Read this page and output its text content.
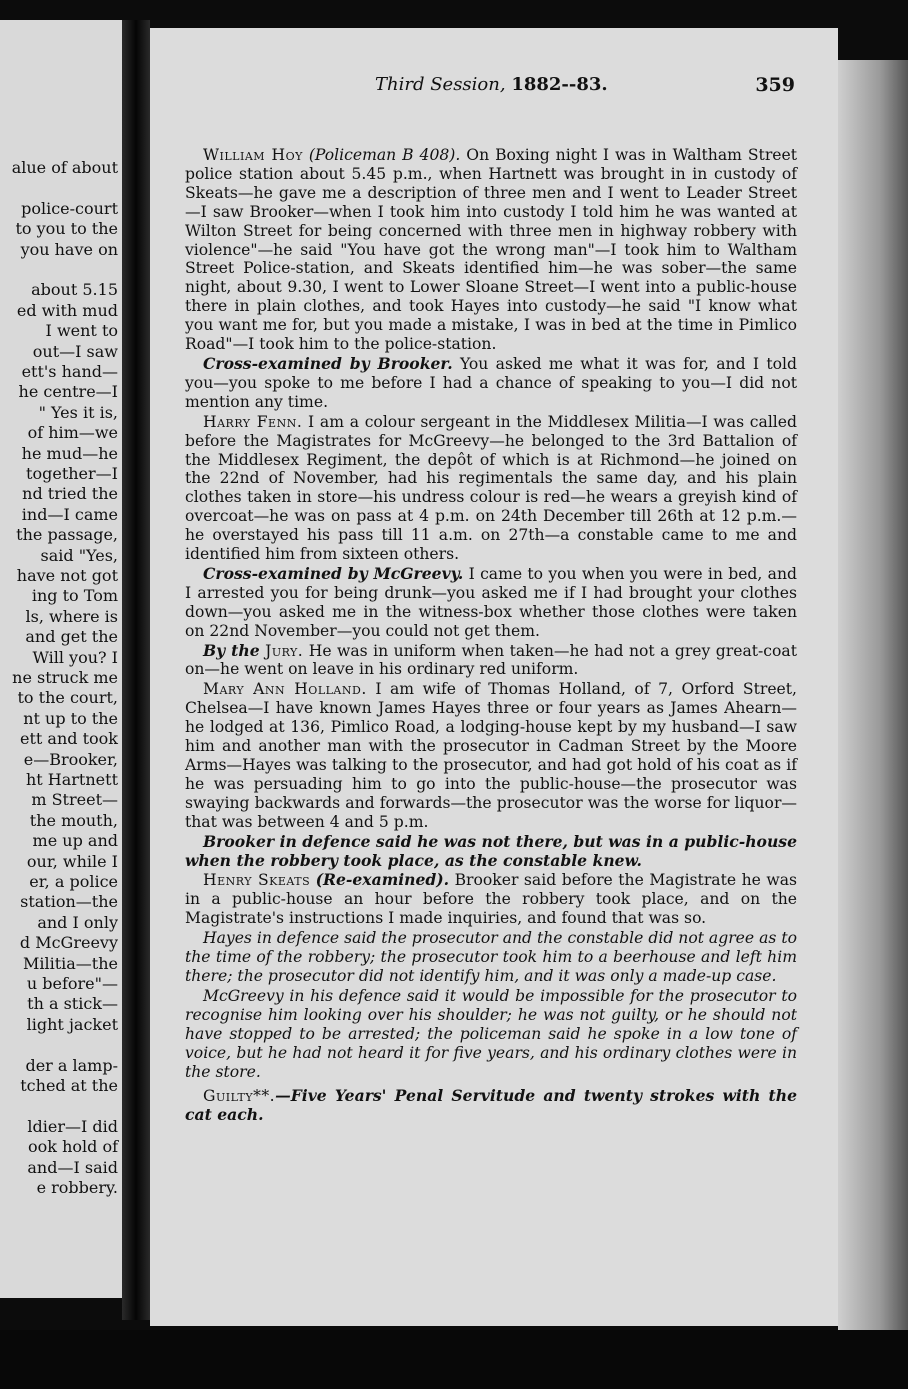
alue of about
police-court
to you to the
you have on
about 5.15
ed with mud
I went to
out—I saw
ett's hand—
he centre—I
" Yes it is,
of him—we
he mud—he
together—I
nd tried the
ind—I came
the passage,
said "Yes,
have not got
ing to Tom
ls, where is
and get the
Will you? I
ne struck me
to the court,
nt up to the
ett and took
e—Brooker,
ht Hartnett
m Street—
the mouth,
me up and
our, while I
er, a police
station—the
and I only
d McGreevy
Militia—the
u before"—
th a stick—
light jacket
der a lamp-
tched at the
ldier—I did
ook hold of
and—I said
e robbery.
Third Session, 1882--83.	359

William Hoy (Policeman B 408). On Boxing night I was in Waltham Street police station about 5.45 p.m., when Hartnett was brought in in custody of Skeats—he gave me a description of three men and I went to Leader Street—I saw Brooker—when I took him into custody I told him he was wanted at Wilton Street for being concerned with three men in highway robbery with violence"—he said "You have got the wrong man"—I took him to Waltham Street Police-station, and Skeats identified him—he was sober—the same night, about 9.30, I went to Lower Sloane Street—I went into a public-house there in plain clothes, and took Hayes into custody—he said "I know what you want me for, but you made a mistake, I was in bed at the time in Pimlico Road"—I took him to the police-station.

Cross-examined by Brooker. You asked me what it was for, and I told you—you spoke to me before I had a chance of speaking to you—I did not mention any time.

Harry Fenn. I am a colour sergeant in the Middlesex Militia—I was called before the Magistrates for McGreevy—he belonged to the 3rd Battalion of the Middlesex Regiment, the depôt of which is at Richmond—he joined on the 22nd of November, had his regimentals the same day, and his plain clothes taken in store—his undress colour is red—he wears a greyish kind of overcoat—he was on pass at 4 p.m. on 24th December till 26th at 12 p.m.—he overstayed his pass till 11 a.m. on 27th—a constable came to me and identified him from sixteen others.

Cross-examined by McGreevy. I came to you when you were in bed, and I arrested you for being drunk—you asked me if I had brought your clothes down—you asked me in the witness-box whether those clothes were taken on 22nd November—you could not get them.

By the Jury. He was in uniform when taken—he had not a grey great-coat on—he went on leave in his ordinary red uniform.

Mary Ann Holland. I am wife of Thomas Holland, of 7, Orford Street, Chelsea—I have known James Hayes three or four years as James Ahearn—he lodged at 136, Pimlico Road, a lodging-house kept by my husband—I saw him and another man with the prosecutor in Cadman Street by the Moore Arms—Hayes was talking to the prosecutor, and had got hold of his coat as if he was persuading him to go into the public-house—the prosecutor was swaying backwards and forwards—the prosecutor was the worse for liquor—that was between 4 and 5 p.m.

Brooker in defence said he was not there, but was in a public-house when the robbery took place, as the constable knew.

Henry Skeats (Re-examined). Brooker said before the Magistrate he was in a public-house an hour before the robbery took place, and on the Magistrate's instructions I made inquiries, and found that was so.

Hayes in defence said the prosecutor and the constable did not agree as to the time of the robbery; the prosecutor took him to a beerhouse and left him there; the prosecutor did not identify him, and it was only a made-up case.

McGreevy in his defence said it would be impossible for the prosecutor to recognise him looking over his shoulder; he was not guilty, or he should not have stopped to be arrested; the policeman said he spoke in a low tone of voice, but he had not heard it for five years, and his ordinary clothes were in the store.

Guilty**.—Five Years' Penal Servitude and twenty strokes with the cat each.
